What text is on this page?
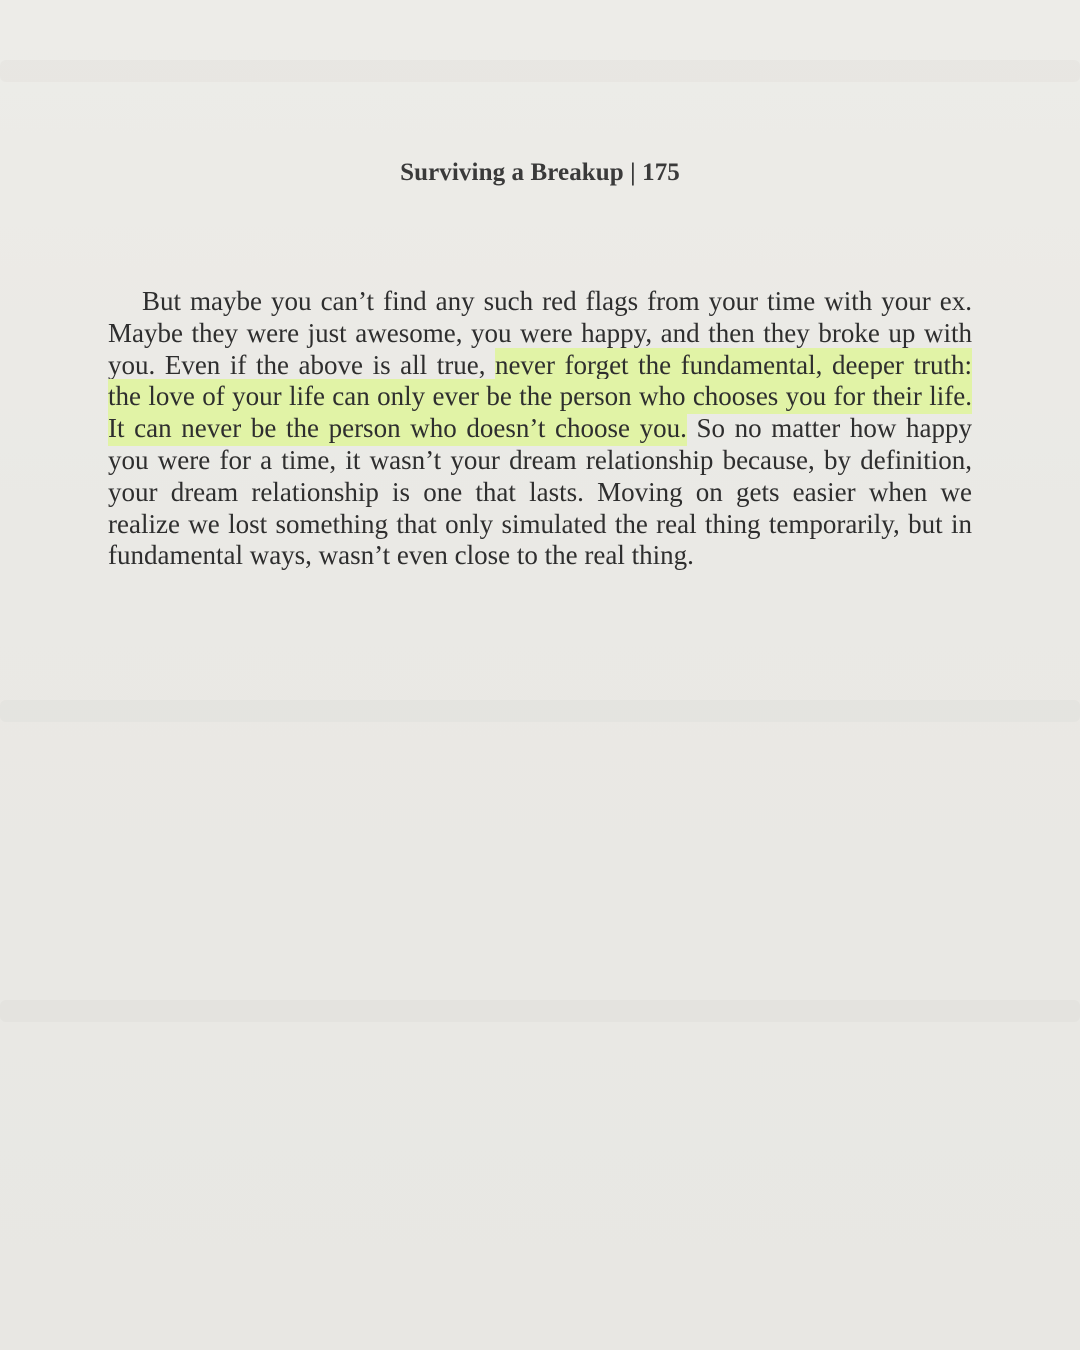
Surviving a Breakup | 175

But maybe you can’t find any such red flags from your time with your ex. Maybe they were just awesome, you were happy, and then they broke up with you. Even if the above is all true, never forget the fundamental, deeper truth: the love of your life can only ever be the person who chooses you for their life. It can never be the person who doesn’t choose you. So no matter how happy you were for a time, it wasn’t your dream relationship because, by definition, your dream relationship is one that lasts. Moving on gets easier when we realize we lost something that only simulated the real thing temporarily, but in fundamental ways, wasn’t even close to the real thing.
